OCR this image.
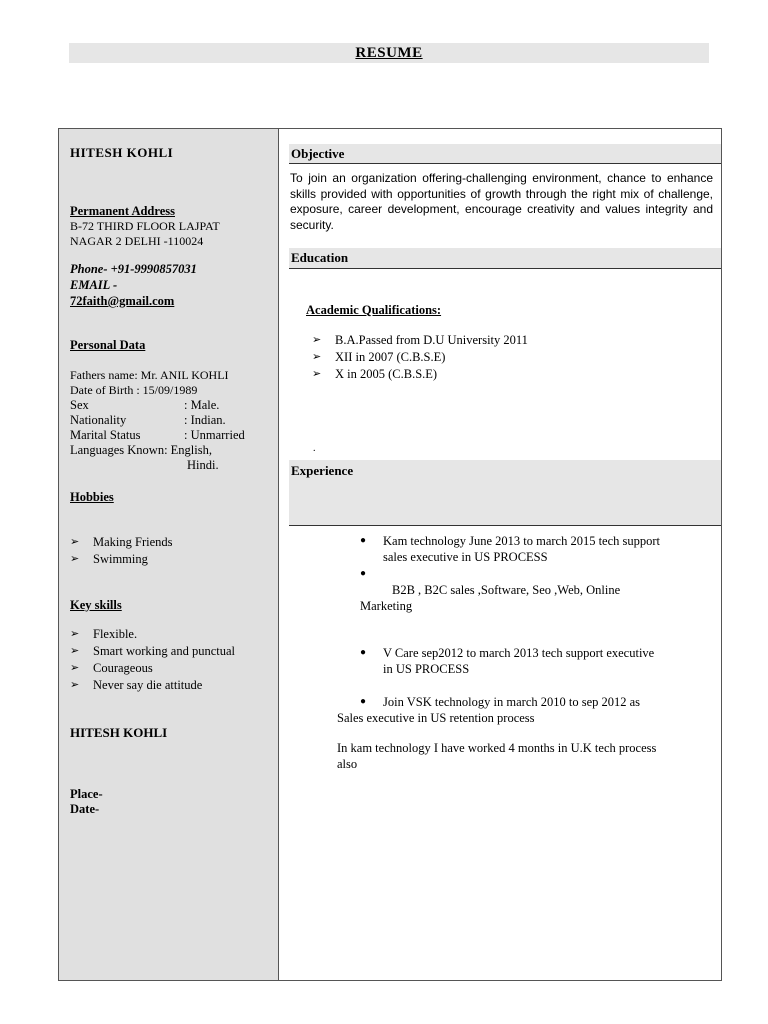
RESUME
HITESH KOHLI
Permanent Address
B-72 THIRD FLOOR LAJPAT
NAGAR 2 DELHI -110024
Phone- +91-9990857031
EMAIL -
72faith@gmail.com
Personal Data
Fathers name: Mr. ANIL KOHLI
Date of Birth : 15/09/1989
Sex	: Male.
Nationality	: Indian.
Marital Status	: Unmarried
Languages Known: English,
Hindi.
Hobbies
➢ Making Friends
➢ Swimming
Key skills
➢ Flexible.
➢ Smart working and punctual
➢ Courageous
➢ Never say die attitude
HITESH KOHLI
Place-
Date-
Objective
To join an organization offering-challenging environment, chance to enhance skills provided with opportunities of growth through the right mix of challenge, exposure, career development, encourage creativity and values integrity and security.
Education
Academic Qualifications:
➢ B.A.Passed from D.U University 2011
➢ XII in 2007 (C.B.S.E)
➢ X in 2005 (C.B.S.E)
.
Experience
●	Kam technology June 2013 to march 2015 tech support
sales executive in US PROCESS
●
B2B , B2C sales ,Software, Seo ,Web, Online
Marketing
●	V Care sep2012 to march 2013 tech support executive
in US PROCESS
●	Join VSK technology in march 2010 to sep 2012 as
Sales executive in US retention process
In kam technology I have worked 4 months in U.K tech process
also
